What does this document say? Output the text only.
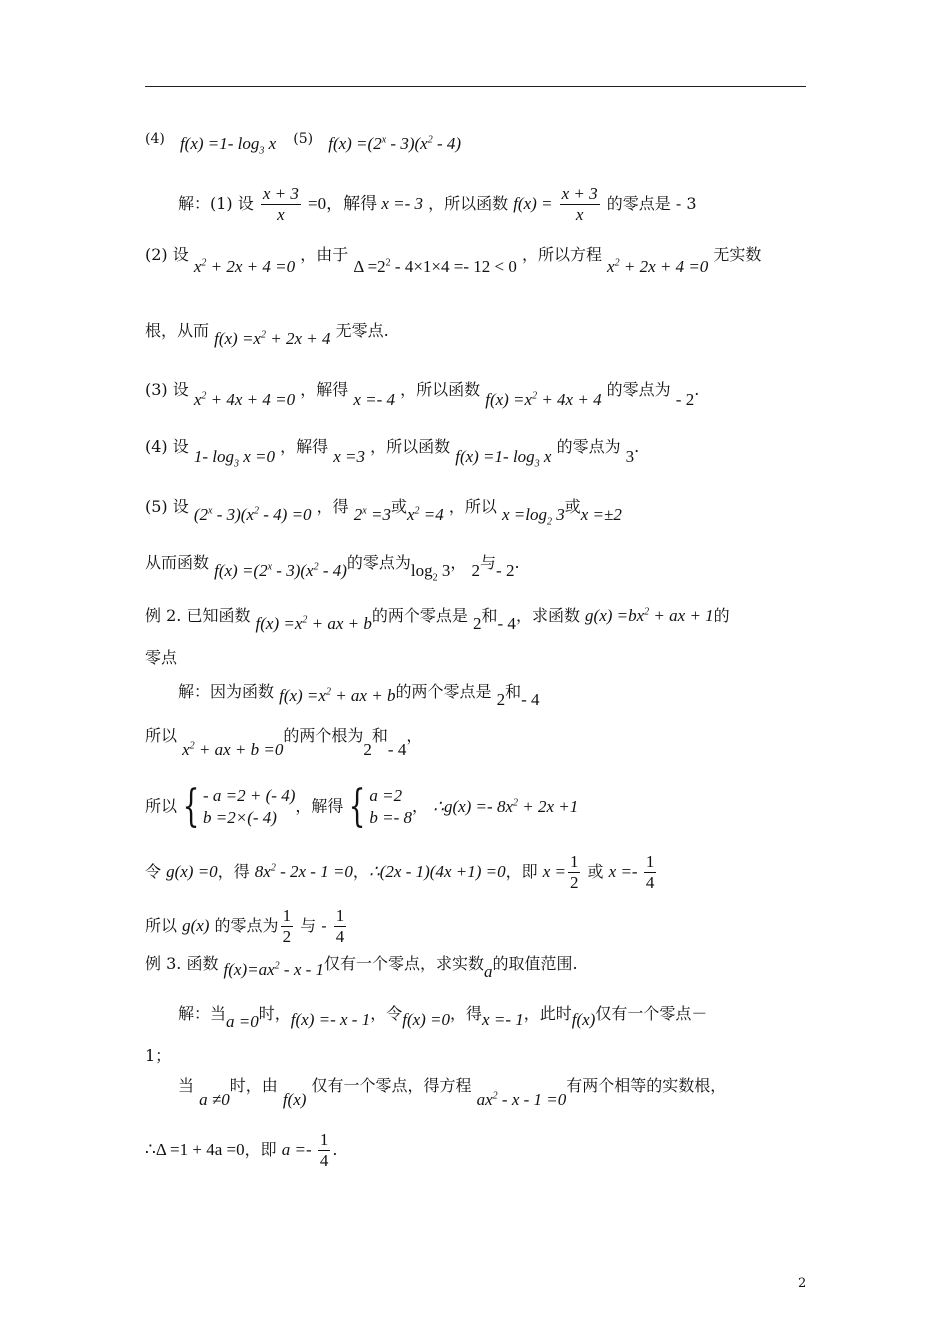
(4) f(x) =1- $\log_3 x$ (5) $f(x) =(2^x - 3)(x^2 - 4)$
解：(1) 设 $\frac{x + 3}{x} =0$，解得 x =- 3 ，所以函数 $f(x) = \frac{x + 3}{x}$ 的零点是 - 3
(2) 设 $x^2 + 2x + 4 =0$ ，由于 $\Delta =2^2 - 4\times 1\times 4 =- 12 < 0$ ，所以方程 $x^2 + 2x + 4 =0$ 无实数
根，从而 $f(x) =x^2 + 2x + 4$ 无零点.
(3) 设 $x^2 + 4x + 4 =0$ ，解得 x =- 4 ，所以函数 $f(x) =x^2 + 4x + 4$ 的零点为 - 2.
(4) 设 1- $\log_3 x =0$ ，解得 x =3 ，所以函数 f(x) =1- $\log_3 x$ 的零点为 3.
(5) 设 $(2^x - 3)(x^2 - 4) =0$ ，得 $2^x =3$或$x^2 =4$ ，所以 $x =\log_2$ 3或x =±2
从而函数 $f(x) =(2^x - 3)(x^2 - 4)$的零点为$\log_2 3$， 2与- 2.
例 2. 已知函数 $f(x) =x^2$ + ax + b的两个零点是 2和- 4，求函数 $g(x) =bx^2$ + ax + 1的
零点
解：因为函数 $f(x) =x^2$ + ax + b的两个零点是 2和- 4
所以 $x^2$ + ax + b =0的两个根为2和- 4，
所以 { - a =2 + (- 4)
b =2×(- 4)
，解得 { a =2
b =- 8
， ∴g(x) =- $8x^2 + 2x +1$
令 g(x) =0，得 $8x^2 - 2x - 1 =0$，∴(2x - 1)(4x +1) =0，即 $x = \frac{1}{2}$ 或 $x =- \frac{1}{4}$
所以 g(x) 的零点为 $\frac{1}{2}$ 与 - $\frac{1}{4}$
例 3. 函数 $f(x)=ax^2 - x - 1$仅有一个零点，求实数a的取值范围.
解：当a =0时，f(x) =- x - 1，令f(x) =0，得x =- 1，此时f(x)仅有一个零点－
1；
当 a ≠0时，由 f(x) 仅有一个零点，得方程 $ax^2 - x - 1 =0$有两个相等的实数根，
∴Δ =1 + 4a =0，即 $a =- \frac{1}{4}$ .
2
